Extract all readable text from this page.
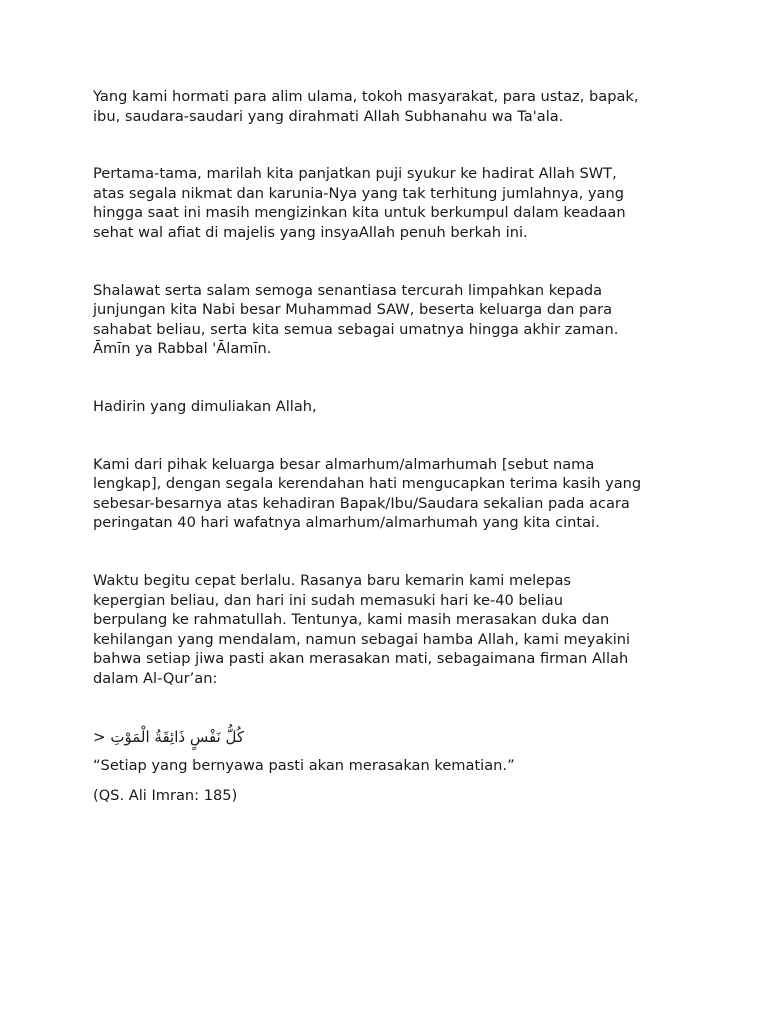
Yang kami hormati para alim ulama, tokoh masyarakat, para ustaz, bapak,
ibu, saudara-saudari yang dirahmati Allah Subhanahu wa Ta'ala.

Pertama-tama, marilah kita panjatkan puji syukur ke hadirat Allah SWT,
atas segala nikmat dan karunia-Nya yang tak terhitung jumlahnya, yang
hingga saat ini masih mengizinkan kita untuk berkumpul dalam keadaan
sehat wal afiat di majelis yang insyaAllah penuh berkah ini.

Shalawat serta salam semoga senantiasa tercurah limpahkan kepada
junjungan kita Nabi besar Muhammad SAW, beserta keluarga dan para
sahabat beliau, serta kita semua sebagai umatnya hingga akhir zaman.
Āmīn ya Rabbal 'Ālamīn.

Hadirin yang dimuliakan Allah,

Kami dari pihak keluarga besar almarhum/almarhumah [sebut nama
lengkap], dengan segala kerendahan hati mengucapkan terima kasih yang
sebesar-besarnya atas kehadiran Bapak/Ibu/Saudara sekalian pada acara
peringatan 40 hari wafatnya almarhum/almarhumah yang kita cintai.

Waktu begitu cepat berlalu. Rasanya baru kemarin kami melepas
kepergian beliau, dan hari ini sudah memasuki hari ke-40 beliau
berpulang ke rahmatullah. Tentunya, kami masih merasakan duka dan
kehilangan yang mendalam, namun sebagai hamba Allah, kami meyakini
bahwa setiap jiwa pasti akan merasakan mati, sebagaimana firman Allah
dalam Al-Qur’an:

> كُلُّ نَفْسٍ ذَائِقَةُ الْمَوْتِ

“Setiap yang bernyawa pasti akan merasakan kematian.”

(QS. Ali Imran: 185)
